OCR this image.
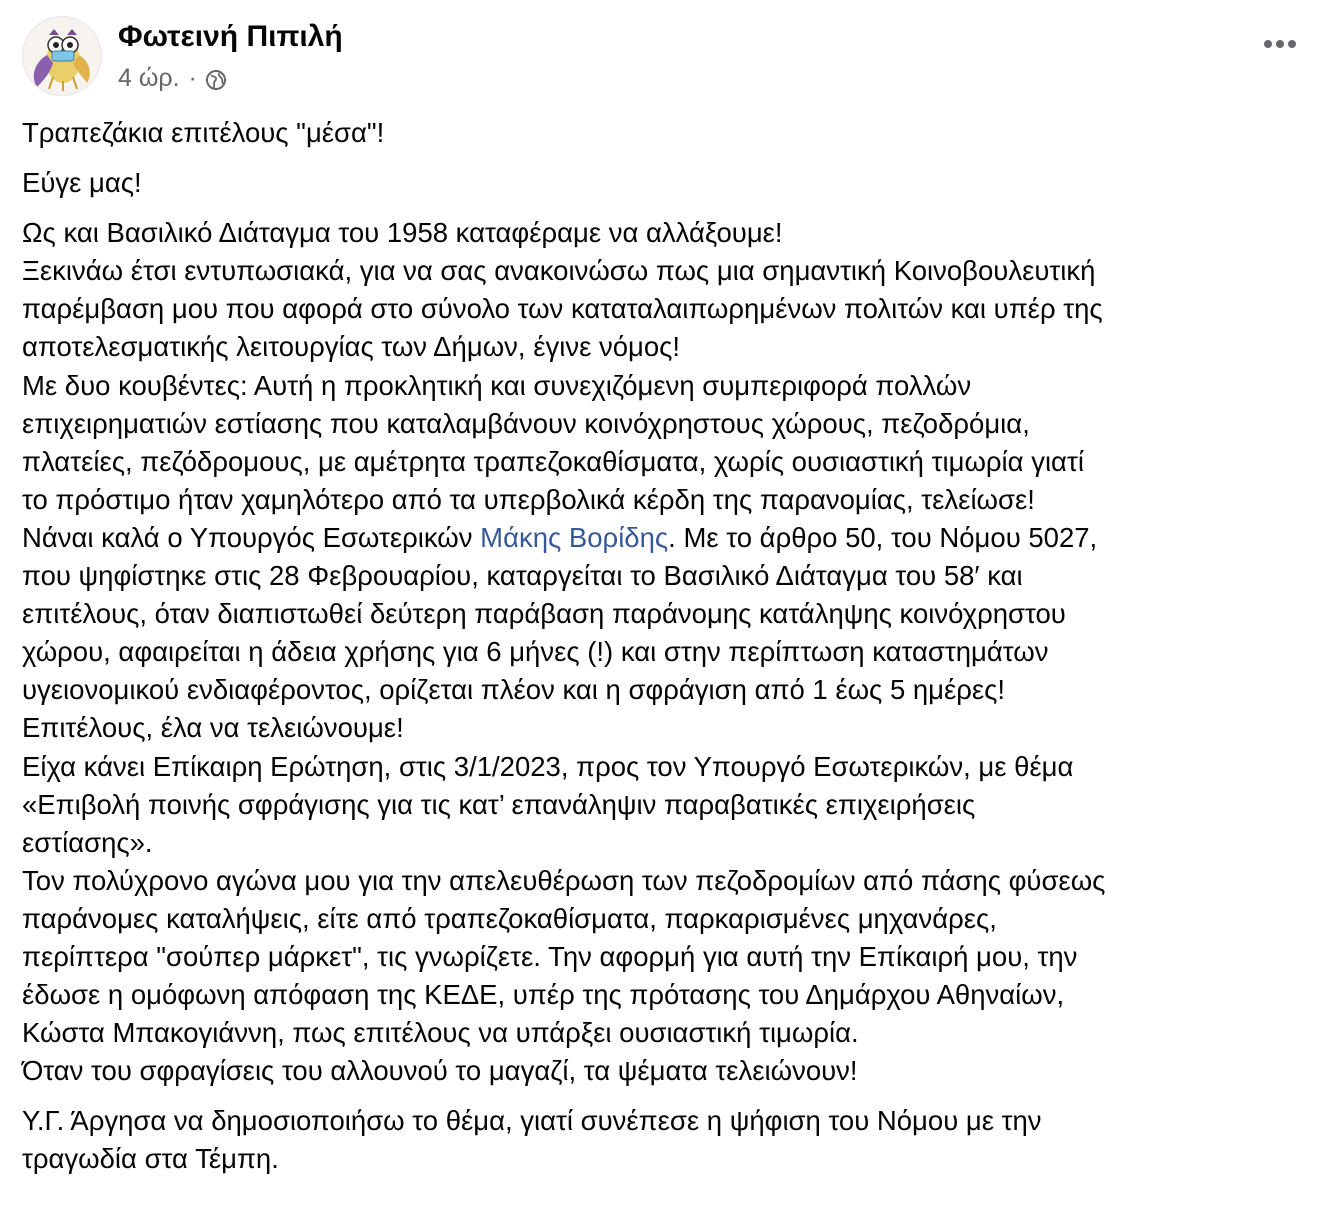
Φωτεινή Πιπιλή
4 ώρ. ·
Τραπεζάκια επιτέλους "μέσα"!
Εύγε μας!
Ως και Βασιλικό Διάταγμα του 1958 καταφέραμε να αλλάξουμε!
Ξεκινάω έτσι εντυπωσιακά, για να σας ανακοινώσω πως μια σημαντική Κοινοβουλευτική
παρέμβαση μου που αφορά στο σύνολο των καταταλαιπωρημένων πολιτών και υπέρ της
αποτελεσματικής λειτουργίας των Δήμων, έγινε νόμος!
Με δυο κουβέντες: Αυτή η προκλητική και συνεχιζόμενη συμπεριφορά πολλών
επιχειρηματιών εστίασης που καταλαμβάνουν κοινόχρηστους χώρους, πεζοδρόμια,
πλατείες, πεζόδρομους, με αμέτρητα τραπεζοκαθίσματα, χωρίς ουσιαστική τιμωρία γιατί
το πρόστιμο ήταν χαμηλότερο από τα υπερβολικά κέρδη της παρανομίας, τελείωσε!
Νάναι καλά ο Υπουργός Εσωτερικών Μάκης Βορίδης. Με το άρθρο 50, του Νόμου 5027,
που ψηφίστηκε στις 28 Φεβρουαρίου, καταργείται το Βασιλικό Διάταγμα του 58′ και
επιτέλους, όταν διαπιστωθεί δεύτερη παράβαση παράνομης κατάληψης κοινόχρηστου
χώρου, αφαιρείται η άδεια χρήσης για 6 μήνες (!) και στην περίπτωση καταστημάτων
υγειονομικού ενδιαφέροντος, ορίζεται πλέον και η σφράγιση από 1 έως 5 ημέρες!
Επιτέλους, έλα να τελειώνουμε!
Είχα κάνει Επίκαιρη Ερώτηση, στις 3/1/2023, προς τον Υπουργό Εσωτερικών, με θέμα
«Επιβολή ποινής σφράγισης για τις κατ’ επανάληψιν παραβατικές επιχειρήσεις
εστίασης».
Τον πολύχρονο αγώνα μου για την απελευθέρωση των πεζοδρομίων από πάσης φύσεως
παράνομες καταλήψεις, είτε από τραπεζοκαθίσματα, παρκαρισμένες μηχανάρες,
περίπτερα "σούπερ μάρκετ", τις γνωρίζετε. Την αφορμή για αυτή την Επίκαιρή μου, την
έδωσε η ομόφωνη απόφαση της ΚΕΔΕ, υπέρ της πρότασης του Δημάρχου Αθηναίων,
Κώστα Μπακογιάννη, πως επιτέλους να υπάρξει ουσιαστική τιμωρία.
Όταν του σφραγίσεις του αλλουνού το μαγαζί, τα ψέματα τελειώνουν!
Υ.Γ. Άργησα να δημοσιοποιήσω το θέμα, γιατί συνέπεσε η ψήφιση του Νόμου με την
τραγωδία στα Τέμπη.
